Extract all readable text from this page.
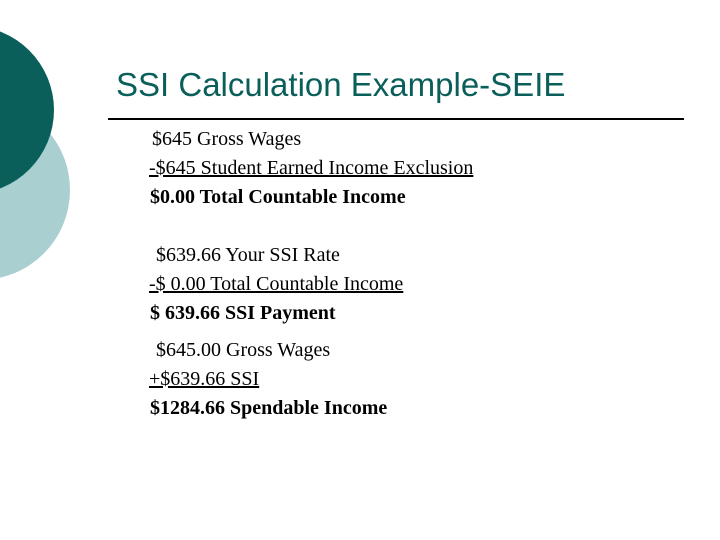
SSI Calculation Example-SEIE
$645 Gross Wages
-$645 Student Earned Income Exclusion
$0.00 Total Countable Income
$639.66 Your SSI Rate
-$ 0.00 Total Countable Income
$ 639.66 SSI Payment
$645.00 Gross Wages
+$639.66 SSI
$1284.66 Spendable Income
